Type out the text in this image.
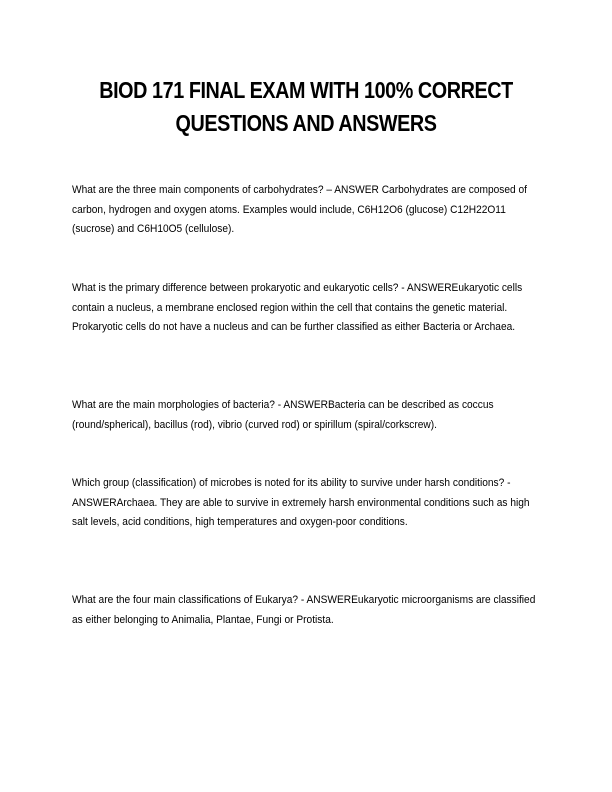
BIOD 171 FINAL EXAM WITH 100% CORRECT
QUESTIONS AND ANSWERS

What are the three main components of carbohydrates? – ANSWER Carbohydrates are composed of carbon, hydrogen and oxygen atoms. Examples would include, C6H12O6 (glucose) C12H22O11 (sucrose) and C6H10O5 (cellulose).

What is the primary difference between prokaryotic and eukaryotic cells? - ANSWEREukaryotic cells contain a nucleus, a membrane enclosed region within the cell that contains the genetic material. Prokaryotic cells do not have a nucleus and can be further classified as either Bacteria or Archaea.

What are the main morphologies of bacteria? - ANSWERBacteria can be described as coccus (round/spherical), bacillus (rod), vibrio (curved rod) or spirillum (spiral/corkscrew).

Which group (classification) of microbes is noted for its ability to survive under harsh conditions? - ANSWERArchaea. They are able to survive in extremely harsh environmental conditions such as high salt levels, acid conditions, high temperatures and oxygen-poor conditions.

What are the four main classifications of Eukarya? - ANSWEREukaryotic microorganisms are classified as either belonging to Animalia, Plantae, Fungi or Protista.
